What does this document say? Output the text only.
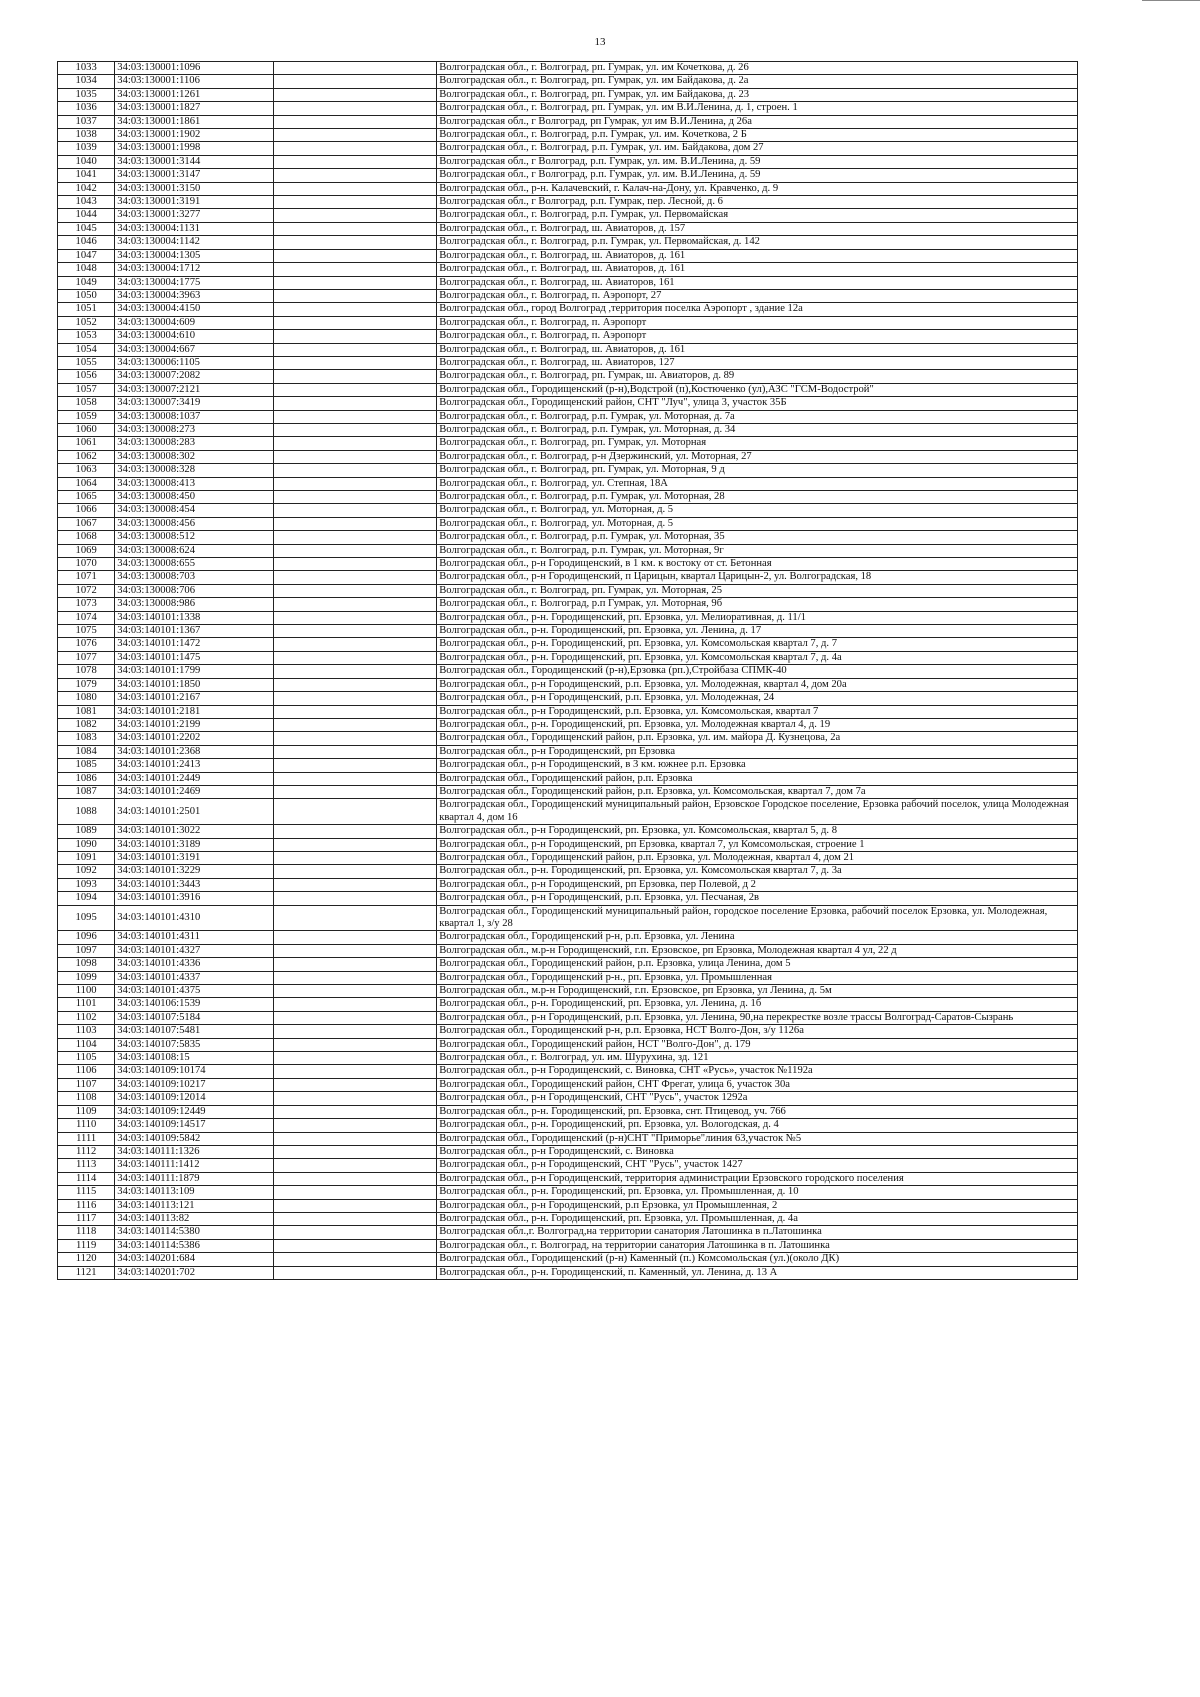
13
1033	34:03:130001:1096		Волгоградская обл., г. Волгоград, рп. Гумрак, ул. им Кочеткова, д. 26
1034	34:03:130001:1106		Волгоградская обл., г. Волгоград, рп. Гумрак, ул. им Байдакова, д. 2а
1035	34:03:130001:1261		Волгоградская обл., г. Волгоград, рп. Гумрак, ул. им Байдакова, д. 23
1036	34:03:130001:1827		Волгоградская обл., г. Волгоград, рп. Гумрак, ул. им В.И.Ленина, д. 1, строен. 1
1037	34:03:130001:1861		Волгоградская обл., г Волгоград, рп Гумрак, ул им В.И.Ленина, д 26а
1038	34:03:130001:1902		Волгоградская обл., г. Волгоград, р.п. Гумрак, ул. им. Кочеткова, 2 Б
1039	34:03:130001:1998		Волгоградская обл., г. Волгоград, р.п. Гумрак, ул. им. Байдакова, дом 27
1040	34:03:130001:3144		Волгоградская обл., г Волгоград, р.п. Гумрак, ул. им. В.И.Ленина, д. 59
1041	34:03:130001:3147		Волгоградская обл., г Волгоград, р.п. Гумрак, ул. им. В.И.Ленина, д. 59
1042	34:03:130001:3150		Волгоградская обл., р-н. Калачевский, г. Калач-на-Дону, ул. Кравченко, д. 9
1043	34:03:130001:3191		Волгоградская обл., г Волгоград, р.п. Гумрак, пер. Лесной, д. 6
1044	34:03:130001:3277		Волгоградская обл., г. Волгоград, р.п. Гумрак, ул. Первомайская
1045	34:03:130004:1131		Волгоградская обл., г. Волгоград, ш. Авиаторов, д. 157
1046	34:03:130004:1142		Волгоградская обл., г. Волгоград, р.п. Гумрак, ул. Первомайская, д. 142
1047	34:03:130004:1305		Волгоградская обл., г. Волгоград, ш. Авиаторов, д. 161
1048	34:03:130004:1712		Волгоградская обл., г. Волгоград, ш. Авиаторов, д. 161
1049	34:03:130004:1775		Волгоградская обл., г. Волгоград, ш. Авиаторов, 161
1050	34:03:130004:3963		Волгоградская обл., г. Волгоград, п. Аэропорт, 27
1051	34:03:130004:4150		Волгоградская обл., город Волгоград ,территория поселка Аэропорт , здание 12а
1052	34:03:130004:609		Волгоградская обл., г. Волгоград, п. Аэропорт
1053	34:03:130004:610		Волгоградская обл., г. Волгоград, п. Аэропорт
1054	34:03:130004:667		Волгоградская обл., г. Волгоград, ш. Авиаторов, д. 161
1055	34:03:130006:1105		Волгоградская обл., г. Волгоград, ш. Авиаторов, 127
1056	34:03:130007:2082		Волгоградская обл., г. Волгоград, рп. Гумрак, ш. Авиаторов, д. 89
1057	34:03:130007:2121		Волгоградская обл., Городищенский (р-н),Водстрой (п),Костюченко (ул),АЗС "ГСМ-Водострой"
1058	34:03:130007:3419		Волгоградская обл., Городищенский район, СНТ "Луч", улица 3, участок 35Б
1059	34:03:130008:1037		Волгоградская обл., г. Волгоград, р.п. Гумрак, ул. Моторная, д. 7а
1060	34:03:130008:273		Волгоградская обл., г. Волгоград, р.п. Гумрак, ул. Моторная, д. 34
1061	34:03:130008:283		Волгоградская обл., г. Волгоград, рп. Гумрак, ул. Моторная
1062	34:03:130008:302		Волгоградская обл., г. Волгоград, р-н Дзержинский, ул. Моторная, 27
1063	34:03:130008:328		Волгоградская обл., г. Волгоград, рп. Гумрак, ул. Моторная, 9 д
1064	34:03:130008:413		Волгоградская обл., г. Волгоград, ул. Степная, 18А
1065	34:03:130008:450		Волгоградская обл., г. Волгоград, р.п. Гумрак, ул. Моторная, 28
1066	34:03:130008:454		Волгоградская обл., г. Волгоград, ул. Моторная, д. 5
1067	34:03:130008:456		Волгоградская обл., г. Волгоград, ул. Моторная, д. 5
1068	34:03:130008:512		Волгоградская обл., г. Волгоград, р.п. Гумрак, ул. Моторная, 35
1069	34:03:130008:624		Волгоградская обл., г. Волгоград, р.п. Гумрак, ул. Моторная, 9г
1070	34:03:130008:655		Волгоградская обл., р-н Городищенский, в 1 км. к востоку от ст. Бетонная
1071	34:03:130008:703		Волгоградская обл., р-н Городищенский, п Царицын, квартал Царицын-2, ул. Волгоградская, 18
1072	34:03:130008:706		Волгоградская обл., г. Волгоград, рп. Гумрак, ул. Моторная, 25
1073	34:03:130008:986		Волгоградская обл., г. Волгоград, р.п Гумрак, ул. Моторная, 9б
1074	34:03:140101:1338		Волгоградская обл., р-н. Городищенский, рп. Ерзовка, ул. Мелиоративная, д. 11/1
1075	34:03:140101:1367		Волгоградская обл., р-н. Городищенский, рп. Ерзовка, ул. Ленина, д. 17
1076	34:03:140101:1472		Волгоградская обл., р-н. Городищенский, рп. Ерзовка, ул. Комсомольская квартал 7, д. 7
1077	34:03:140101:1475		Волгоградская обл., р-н. Городищенский, рп. Ерзовка, ул. Комсомольская квартал 7, д. 4а
1078	34:03:140101:1799		Волгоградская обл., Городищенский (р-н),Ерзовка (рп.),Стройбаза СПМК-40
1079	34:03:140101:1850		Волгоградская обл., р-н Городищенский, р.п. Ерзовка, ул. Молодежная, квартал 4, дом 20а
1080	34:03:140101:2167		Волгоградская обл., р-н Городищенский, р.п. Ерзовка, ул. Молодежная, 24
1081	34:03:140101:2181		Волгоградская обл., р-н Городищенский, р.п. Ерзовка, ул. Комсомольская, квартал 7
1082	34:03:140101:2199		Волгоградская обл., р-н. Городищенский, рп. Ерзовка, ул. Молодежная квартал 4, д. 19
1083	34:03:140101:2202		Волгоградская обл., Городищенский район, р.п. Ерзовка, ул. им. майора Д. Кузнецова, 2а
1084	34:03:140101:2368		Волгоградская обл., р-н Городищенский, рп Ерзовка
1085	34:03:140101:2413		Волгоградская обл., р-н Городищенский, в 3 км. южнее р.п. Ерзовка
1086	34:03:140101:2449		Волгоградская обл., Городищенский район, р.п. Ерзовка
1087	34:03:140101:2469		Волгоградская обл., Городищенский район, р.п. Ерзовка, ул. Комсомольская, квартал 7, дом 7а
1088	34:03:140101:2501		Волгоградская обл., Городищенский муниципальный район, Ерзовское Городское поселение, Ерзовка рабочий поселок, улица Молодежная квартал 4, дом 16
1089	34:03:140101:3022		Волгоградская обл., р-н Городищенский, рп. Ерзовка, ул. Комсомольская, квартал 5, д. 8
1090	34:03:140101:3189		Волгоградская обл., р-н Городищенский, рп Ерзовка, квартал 7, ул Комсомольская, строение 1
1091	34:03:140101:3191		Волгоградская обл., Городищенский район, р.п. Ерзовка, ул. Молодежная, квартал 4, дом 21
1092	34:03:140101:3229		Волгоградская обл., р-н. Городищенский, рп. Ерзовка, ул. Комсомольская квартал 7, д. 3а
1093	34:03:140101:3443		Волгоградская обл., р-н Городищенский, рп Ерзовка, пер Полевой, д 2
1094	34:03:140101:3916		Волгоградская обл., р-н Городищенский, р.п. Ерзовка, ул. Песчаная, 2в
1095	34:03:140101:4310		Волгоградская обл., Городищенский муниципальный район, городское поселение Ерзовка, рабочий поселок Ерзовка, ул. Молодежная, квартал 1, з/у 28
1096	34:03:140101:4311		Волгоградская обл., Городищенский р-н, р.п. Ерзовка, ул. Ленина
1097	34:03:140101:4327		Волгоградская обл., м.р-н Городищенский, г.п. Ерзовское, рп Ерзовка, Молодежная квартал 4 ул, 22 д
1098	34:03:140101:4336		Волгоградская обл., Городищенский район, р.п. Ерзовка, улица Ленина, дом 5
1099	34:03:140101:4337		Волгоградская обл., Городищенский р-н., рп. Ерзовка, ул. Промышленная
1100	34:03:140101:4375		Волгоградская обл., м.р-н Городищенский, г.п. Ерзовское, рп Ерзовка, ул Ленина, д. 5м
1101	34:03:140106:1539		Волгоградская обл., р-н. Городищенский, рп. Ерзовка, ул. Ленина, д. 1б
1102	34:03:140107:5184		Волгоградская обл., р-н Городищенский, р.п. Ерзовка, ул. Ленина, 90,на перекрестке возле трассы Волгоград-Саратов-Сызрань
1103	34:03:140107:5481		Волгоградская обл., Городищенский р-н, р.п. Ерзовка, НСТ Волго-Дон, з/у 1126а
1104	34:03:140107:5835		Волгоградская обл., Городищенский район, НСТ "Волго-Дон", д. 179
1105	34:03:140108:15		Волгоградская обл., г. Волгоград, ул. им. Шурухина, зд. 121
1106	34:03:140109:10174		Волгоградская обл., р-н Городищенский, с. Виновка, СНТ «Русь», участок №1192а
1107	34:03:140109:10217		Волгоградская обл., Городищенский район, СНТ Фрегат, улица 6, участок 30а
1108	34:03:140109:12014		Волгоградская обл., р-н Городищенский, СНТ "Русь", участок 1292а
1109	34:03:140109:12449		Волгоградская обл., р-н. Городищенский, рп. Ерзовка, снт. Птицевод, уч. 766
1110	34:03:140109:14517		Волгоградская обл., р-н. Городищенский, рп. Ерзовка, ул. Вологодская, д. 4
1111	34:03:140109:5842		Волгоградская обл., Городищенский (р-н)СНТ "Приморье"линия 63,участок №5
1112	34:03:140111:1326		Волгоградская обл., р-н Городищенский, с. Виновка
1113	34:03:140111:1412		Волгоградская обл., р-н Городищенский, СНТ "Русь", участок 1427
1114	34:03:140111:1879		Волгоградская обл., р-н Городищенский, территория администрации Ерзовского городского поселения
1115	34:03:140113:109		Волгоградская обл., р-н. Городищенский, рп. Ерзовка, ул. Промышленная, д. 10
1116	34:03:140113:121		Волгоградская обл., р-н Городищенский, р.п Ерзовка, ул Промышленная, 2
1117	34:03:140113:82		Волгоградская обл., р-н. Городищенский, рп. Ерзовка, ул. Промышленная, д. 4а
1118	34:03:140114:5380		Волгоградская обл.,г. Волгоград,на территории санатория Латошинка в п.Латошинка
1119	34:03:140114:5386		Волгоградская обл., г. Волгоград, на территории санатория Латошинка в п. Латошинка
1120	34:03:140201:684		Волгоградская обл., Городищенский (р-н) Каменный (п.) Комсомольская (ул.)(около ДК)
1121	34:03:140201:702		Волгоградская обл., р-н. Городищенский, п. Каменный, ул. Ленина, д. 13 А
